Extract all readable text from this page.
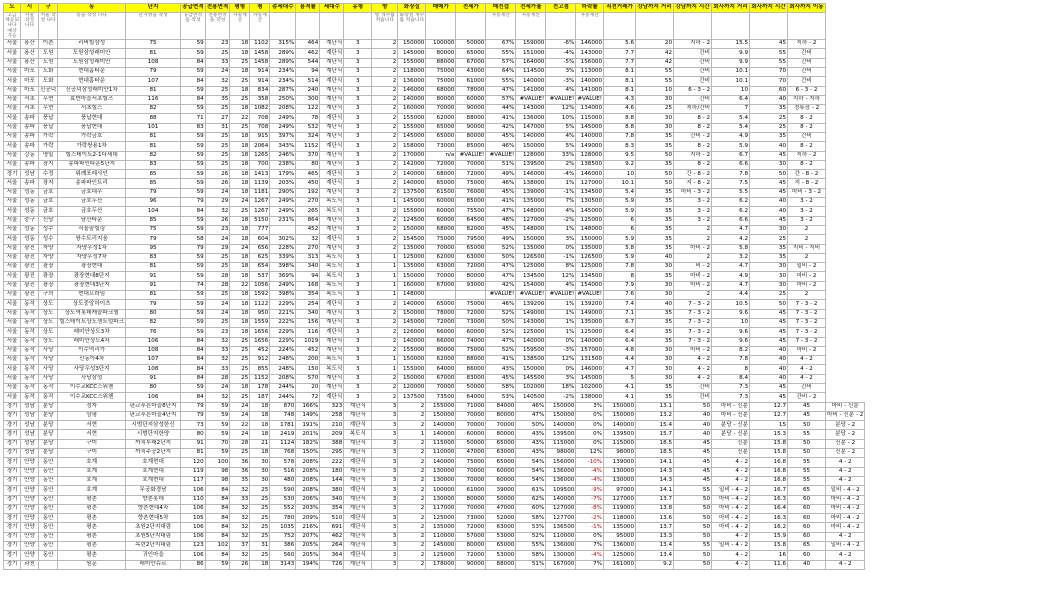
도	시	구	동	단지	공급면적	전용면적	평형	평	총세대수	용적률	세대수	유형	방	화장실	매매가	전세가	매전갭	전세가율	전고점	하락률	직전거래가	강남까지 거리	강남까지 시간	회사까지 거리	회사까지 시간	회사까지 이동	
고금 제공되 나다 예상 가능	서울 작성 나다	서울 작성 나다	동을 작성 나다	단지명을 작성	공급면적을 작성	전용면적을 작성	자동계산	자동계산					방 개수를 적습니다	화장실 개수를 적습니다			자동계산	자동계산		자동계산							
서울	용산	이촌	리버힐삼성	75	59	23	18	1102	315%	464	계단식	3	2	150000	100000	50000	67%	159000	-6%	146000	5.6	20	지하 - 2	15.5	45	지하 - 2	
서울	용산	도원	도원삼성래미안	81	59	25	18	1458	289%	462	계단식	3	2	145000	80000	65000	55%	151000	-4%	143000	7.7	42	간비	9.9	55	간비	
서울	용산	도원	도원삼성래미안	108	84	33	25	1458	289%	544	계단식	3	2	155000	88000	67000	57%	164000	-5%	156000	7.7	42	간비	9.9	55	간비	
서울	마포	도화	현대홈타운	79	59	24	18	914	234%	94	계단식	3	2	118000	75000	43000	64%	114500	3%	113000	8.1	55	간비	10.1	70	간비	
서울	마포	도화	현대홈타운	107	84	32	25	914	234%	514	계단식	3	2	136000	75000	61000	55%	140000	-3%	140000	8.1	55	간비	10.1	70	간비	
서울	마포	신공덕	신공덕삼성래미안1차	81	59	25	18	834	287%	240	계단식	3	2	146000	68000	78000	47%	141000	4%	141000	8.1	10	6 - 3 - 2	10	60	6 - 3 - 2	
서울	서초	우면	효반마을서초힐즈	116	84	35	25	358	250%	300	계단식	3	2	140000	80000	60000	57%	#VALUE!	#VALUE!	#VALUE!	4.3	30	간비	6.4	40	지하 - 지하	
서울	서초	우면	서초힐스	82	59	25	18	1082	208%	122	계단식	3	2	160000	70000	90000	44%	143000	12%	134000	4.6	25	지하/간비	7	35	정류장 - 2	
서울	송파	풍납	풍납현대	88	71	27	22	708	249%	78	계단식	3	2	155000	62000	88000	41%	136000	10%	115000	8.8	30	8 - 2	5.4	25	8 - 2	
서울	송파	풍납	풍납현대	101	83	31	25	708	249%	532	계단식	3	2	155000	65000	90000	42%	147000	5%	145000	8.8	30	8 - 2	5.4	25	8 - 2	
서울	송파	가락	가락금호	81	59	25	18	915	397%	324	계단식	3	2	145000	65000	80000	45%	140000	4%	140000	7.8	35	간비 - 2	4.9	35	간비	
서울	송파	가락	가락쌍용1차	81	59	25	18	2064	343%	1152	계단식	3	2	158000	73000	85000	46%	150000	5%	149000	8.3	35	8 - 2	5.9	40	8 - 2	
서울	강동	명일	힐스테이트2-1다세대	82	59	25	18	1265	246%	370	계단식	3	2	170000	n/a	#VALUE!	#VALUE!	128000	33%	128000	9.5	50	지하 - 2	6.7	45	지하 - 2	
서울	송파	장지	송파파인타운5단지	83	59	25	18	700	238%	80	계단식	3	2	142000	72000	70000	51%	139500	2%	138500	9.2	35	8 - 2	6.6	30	8 - 2	
경기	성남	수정	위례포레샤인	85	59	26	18	1413	179%	465	계단식	3	2	140000	68000	72000	49%	146000	-4%	146000	10	50	간 - 8 - 2	7.8	50	간 - 8 - 2	
서울	송파	장지	송파파인트리	85	59	26	18	1139	203%	450	계단식	3	2	140000	65000	75000	46%	138000	1%	127000	10.1	50	지 - 8 - 2	7.5	45	지 - 8 - 2	
서울	성동	금호	금호대우	79	59	24	18	1181	290%	192	계단식	3	2	137500	61500	76000	45%	139000	-1%	134500	5.4	35	마비 - 3 - 2	5.5	45	마비 - 3 - 2	
서울	성동	금호	금호두산	96	79	29	24	1267	249%	270	복도식	3	1	145000	60000	85000	41%	135000	7%	130500	5.9	35	3 - 2	6.2	40	3 - 2	
서울	성동	금호	금호두산	104	84	32	25	1267	249%	265	복도식	3	2	155000	60000	75500	47%	148000	4%	145000	5.9	35	3 - 2	6.2	40	3 - 2	
서울	중구	신당	남산타운	85	59	26	18	5150	231%	864	계단식	3	2	124500	60000	64500	48%	127000	-2%	125000	6	35	3 - 2	6.6	45	3 - 2	
서울	성동	성수	서울숲힐링	75	59	23	18	777		452	계단식	3	2	150000	68000	82000	45%	148000	1%	148000	6	35	2	4.7	30	2	
서울	성동	성수	쌍수트리지움	79	58	24	18	604	302%	32	계단식	3	2	154500	75000	79500	49%	150000	3%	150000	5.9	35	2	4.2	25	2	
서울	광진	자양	자양우성1차	95	79	29	24	656	228%	270	계단식	3	2	135000	70000	65000	52%	135000	0%	135000	5.8	35	마비 - 2	5.8	35	지비 - 지비	
서울	광진	자양	자양우성7차	83	59	25	18	625	339%	313	복도식	3	1	125000	62000	63000	50%	126500	-1%	126500	5.9	40	2	3.2	35	2	
서울	광진	광장	광장현대	81	59	25	18	654	398%	340	복도식	3	1	135000	63000	72000	47%	125000	8%	125000	7.8	30	비 - 2	4.7	30	일비 - 2	
서울	광진	광장	광장현대8단지	91	59	28	18	537	369%	94	복도식	3	1	150000	70000	80000	47%	134500	12%	134500	8	35	마비 - 2	4.9	30	마비 - 2	
서울	광진	광장	광장현대3단지	91	74	28	22	1056	249%	168	복도식	3	1	160000	67000	93000	42%	154000	4%	154000	7.9	30	마비 - 2	4.7	30	마비 - 2	
서울	광진	구의	현대프라임	81	59	25	18	1592	398%	354	복도식	3	1	148000			#VALUE!	#VALUE!	#VALUE!	#VALUE!	7.6	30	2	4.4	25	2	
서울	동작	상도	상도중앙하이츠	79	59	24	18	1122	229%	254	계단식	3	2	140000	65000	75000	46%	139200	1%	139200	7.4	40	7 - 3 - 2	10.5	50	7 - 3 - 2	
서울	동작	상도	상도역롯데캐슬파크엘	80	59	24	18	950	221%	340	계단식	3	2	150000	78000	72000	52%	149000	1%	149000	7.1	35	7 - 3 - 2	9.6	45	7 - 3 - 2	
서울	동작	상도	힐스테이트상도센트럴파크	82	59	25	18	1559	222%	156	계단식	3	2	145000	72000	73000	50%	143000	1%	135000	6.7	35	7 - 3 - 2	10	45	7 - 3 - 2	
서울	동작	상도	래미안상도3차	76	59	23	18	1656	229%	116	계단식	3	2	126000	66000	60000	52%	125000	1%	125000	6.4	35	7 - 3 - 2	9.6	45	7 - 3 - 2	
서울	동작	상도	래미안상도4차	106	84	32	25	1656	229%	1019	계단식	3	2	140000	66000	74000	47%	140000	0%	140000	6.4	35	7 - 3 - 2	9.6	45	7 - 3 - 2	
서울	동작	사당	이수역리가	108	84	33	25	452	224%	452	계단식	3	2	155000	80000	75000	52%	159500	-3%	157000	4.8	30	마비 - 2	8.2	40	마비 - 2	
서울	동작	사당	신동아4차	107	84	32	25	912	248%	200	복도식	3	1	150000	62000	88000	41%	138500	12%	131500	4.4	30	4 - 2	7.8	40	4 - 2	
서울	동작	사당	사당우성3단지	108	84	33	25	855	248%	150	복도식	3	1	155000	64000	86000	43%	150000	0%	146000	4.7	30	4 - 2	8	40	4 - 2	
서울	동작	사당	사당삼성	91	84	28	25	1152	208%	570	계단식	3	2	150000	67000	83000	45%	145500	3%	145000	5	30	4 - 2	8.4	40	4 - 2	
서울	동작	동작	이수교KCC스위첸	80	59	24	18	178	244%	20	계단식	3	2	120000	70000	50000	58%	102000	18%	102000	4.1	35	간비	7.3	45	간비	
서울	동작	동작	이수교KCC스위첸	106	84	32	25	187	244%	72	계단식	3	2	137500	73500	64000	53%	140500	-2%	138000	4.1	35	간비	7.3	45	간비 - 2	
경기	성남	분당	정자	판교푸른마을8단지	79	59	24	18	870	166%	323	계단식	3	2	155000	71000	84000	46%	150000	3%	150000	13.1	50	마비 - 신분	12.7	45	마비 - 신분
경기	성남	분당	삼평	판교푸른마을4단지	79	59	24	18	748	149%	258	계단식	3	2	150000	70000	80000	47%	150000	0%	150000	13.2	40	마비 - 신분	12.7	45	마비 - 신분 - 2
경기	성남	분당	서현	시범단지삼성한신	73	59	22	18	1781	191%	210	계단식	3	2	140000	70000	70000	50%	140000	0%	140000	15.4	40	분당 - 신분	15	50	분당 - 2
경기	성남	분당	서현	시범단지한양	80	59	24	18	2419	201%	209	복도식	3	1	140000	60000	80000	43%	139500	0%	139500	15.7	40	분당 - 신분	15.3	55	분당 - 2
경기	성남	분당	구미	까치투래2단지	91	70	28	21	1124	182%	388	계단식	3	2	115000	50000	65000	43%	115000	0%	115000	18.5	45	신분	15.8	50	신분 - 2
경기	성남	분당	구미	까치주공2단지	81	59	25	18	768	150%	295	계단식	3	2	110000	47000	63000	43%	98000	12%	98000	18.5	45	신분	15.8	50	신분 - 2
경기	안양	동안	호계	호계현대	120	100	36	30	578	208%	222	계단식	3	2	140000	75000	65000	54%	156000	-10%	139000	14.1	45	4 - 2	16.8	55	4 - 2
경기	안양	동안	호계	호계현대	119	98	36	30	516	208%	180	계단식	3	2	130000	70000	60000	54%	136000	-4%	130000	14.3	45	4 - 2	16.8	55	4 - 2
경기	안양	동안	호계	호계현대	117	98	35	30	480	208%	144	계단식	3	2	130000	70000	60000	54%	136000	-4%	130000	14.3	45	4 - 2	16.8	55	4 - 2
경기	안양	동안	호계	무궁화경남	106	84	32	25	590	208%	380	계단식	3	2	100000	61000	39000	61%	109500	-9%	97000	14.1	55	일비 - 4 - 2	16.7	65	일비 - 4 - 2
경기	안양	동안	평촌	향촌롯데	110	84	33	25	530	206%	340	계단식	3	2	130000	80000	50000	62%	140000	-7%	127000	13.7	50	마비 - 4 - 2	16.3	60	마비 - 4 - 2
경기	안양	동안	평촌	향촌현대4차	106	84	32	25	552	203%	354	계단식	3	2	117000	70000	47000	60%	127000	-8%	119000	13.8	50	마비 - 4 - 2	16.4	60	마비 - 4 - 2
경기	안양	동안	평촌	향촌현대5차	105	84	32	25	780	209%	510	계단식	3	2	125000	73000	52000	58%	127700	-2%	118000	13.6	50	마비 - 4 - 2	16.3	60	마비 - 4 - 2
경기	안양	동안	평촌	초원2단지대림	106	84	32	25	1035	216%	691	계단식	3	2	135000	72000	63000	53%	136500	-1%	135000	13.7	50	마비 - 4 - 2	16.2	60	마비 - 4 - 2
경기	안양	동안	평촌	초원5단지대림	106	84	32	25	752	207%	462	계단식	3	2	110000	57000	53000	52%	110000	0%	95000	13.3	50	4 - 2	15.9	60	4 - 2
경기	안양	동안	평촌	목련2단지대림	123	102	37	31	386	205%	264	계단식	3	2	145000	80000	65000	55%	136000	7%	136000	13.4	55	일비 - 4 - 2	15.8	65	일비 - 4 - 2
경기	안양	동안	평촌	귀인마을	106	84	32	25	560	205%	364	계단식	3	2	125000	72000	53000	58%	130000	-4%	125000	13.4	50	4 - 2	16	60	4 - 2
경기	과천		원문	래미안슈르	86	59	26	18	3143	194%	726	계단식	3	2	178000	90000	88000	51%	167000	7%	161000	9.2	50	4 - 2	11.6	40	4 - 2
